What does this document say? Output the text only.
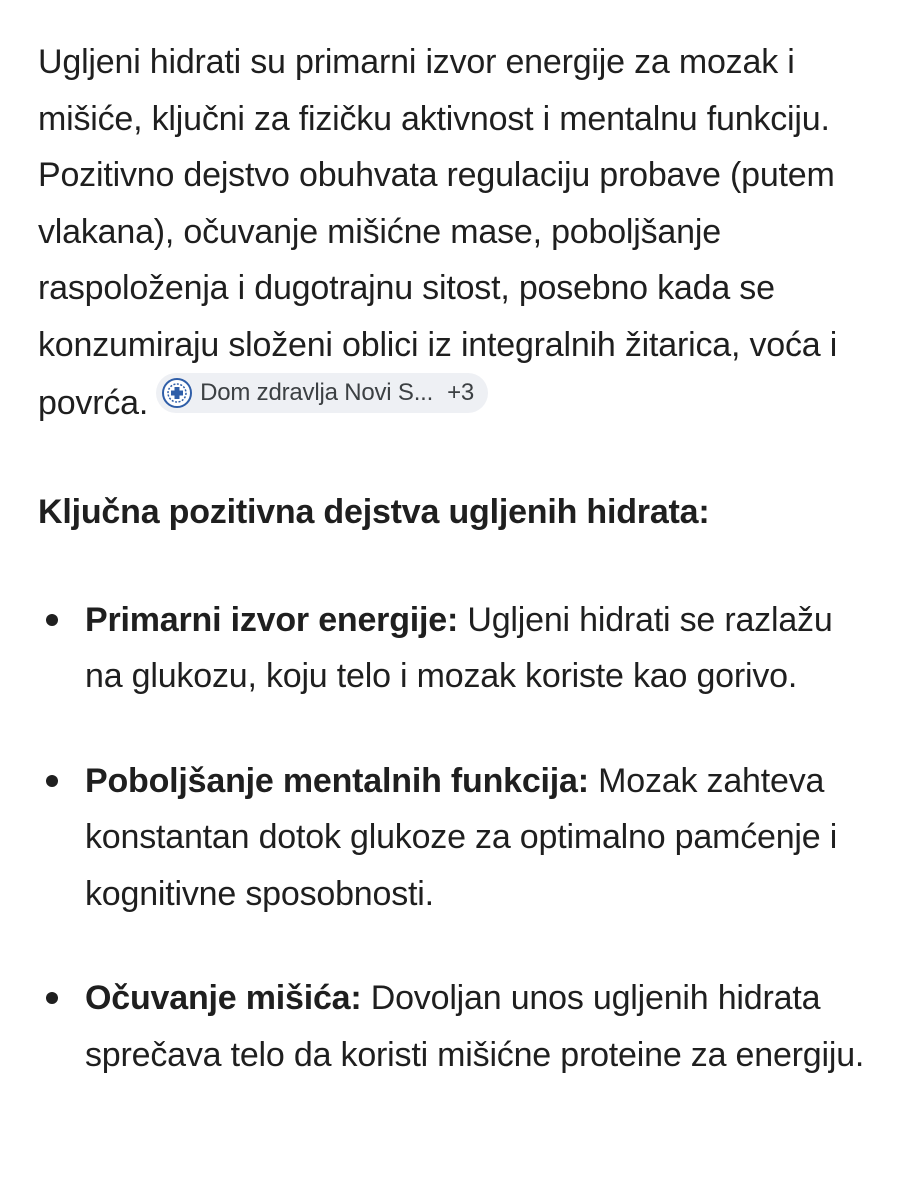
Ugljeni hidrati su primarni izvor energije za mozak i mišiće, ključni za fizičku aktivnost i mentalnu funkciju. Pozitivno dejstvo obuhvata regulaciju probave (putem vlakana), očuvanje mišićne mase, poboljšanje raspoloženja i dugotrajnu sitost, posebno kada se konzumiraju složeni oblici iz integralnih žitarica, voća i povrća. Dom zdravlja Novi S... +3

Ključna pozitivna dejstva ugljenih hidrata:
Primarni izvor energije: Ugljeni hidrati se razlažu na glukozu, koju telo i mozak koriste kao gorivo.
Poboljšanje mentalnih funkcija: Mozak zahteva konstantan dotok glukoze za optimalno pamćenje i kognitivne sposobnosti.
Očuvanje mišića: Dovoljan unos ugljenih hidrata sprečava telo da koristi mišićne proteine za energiju.
